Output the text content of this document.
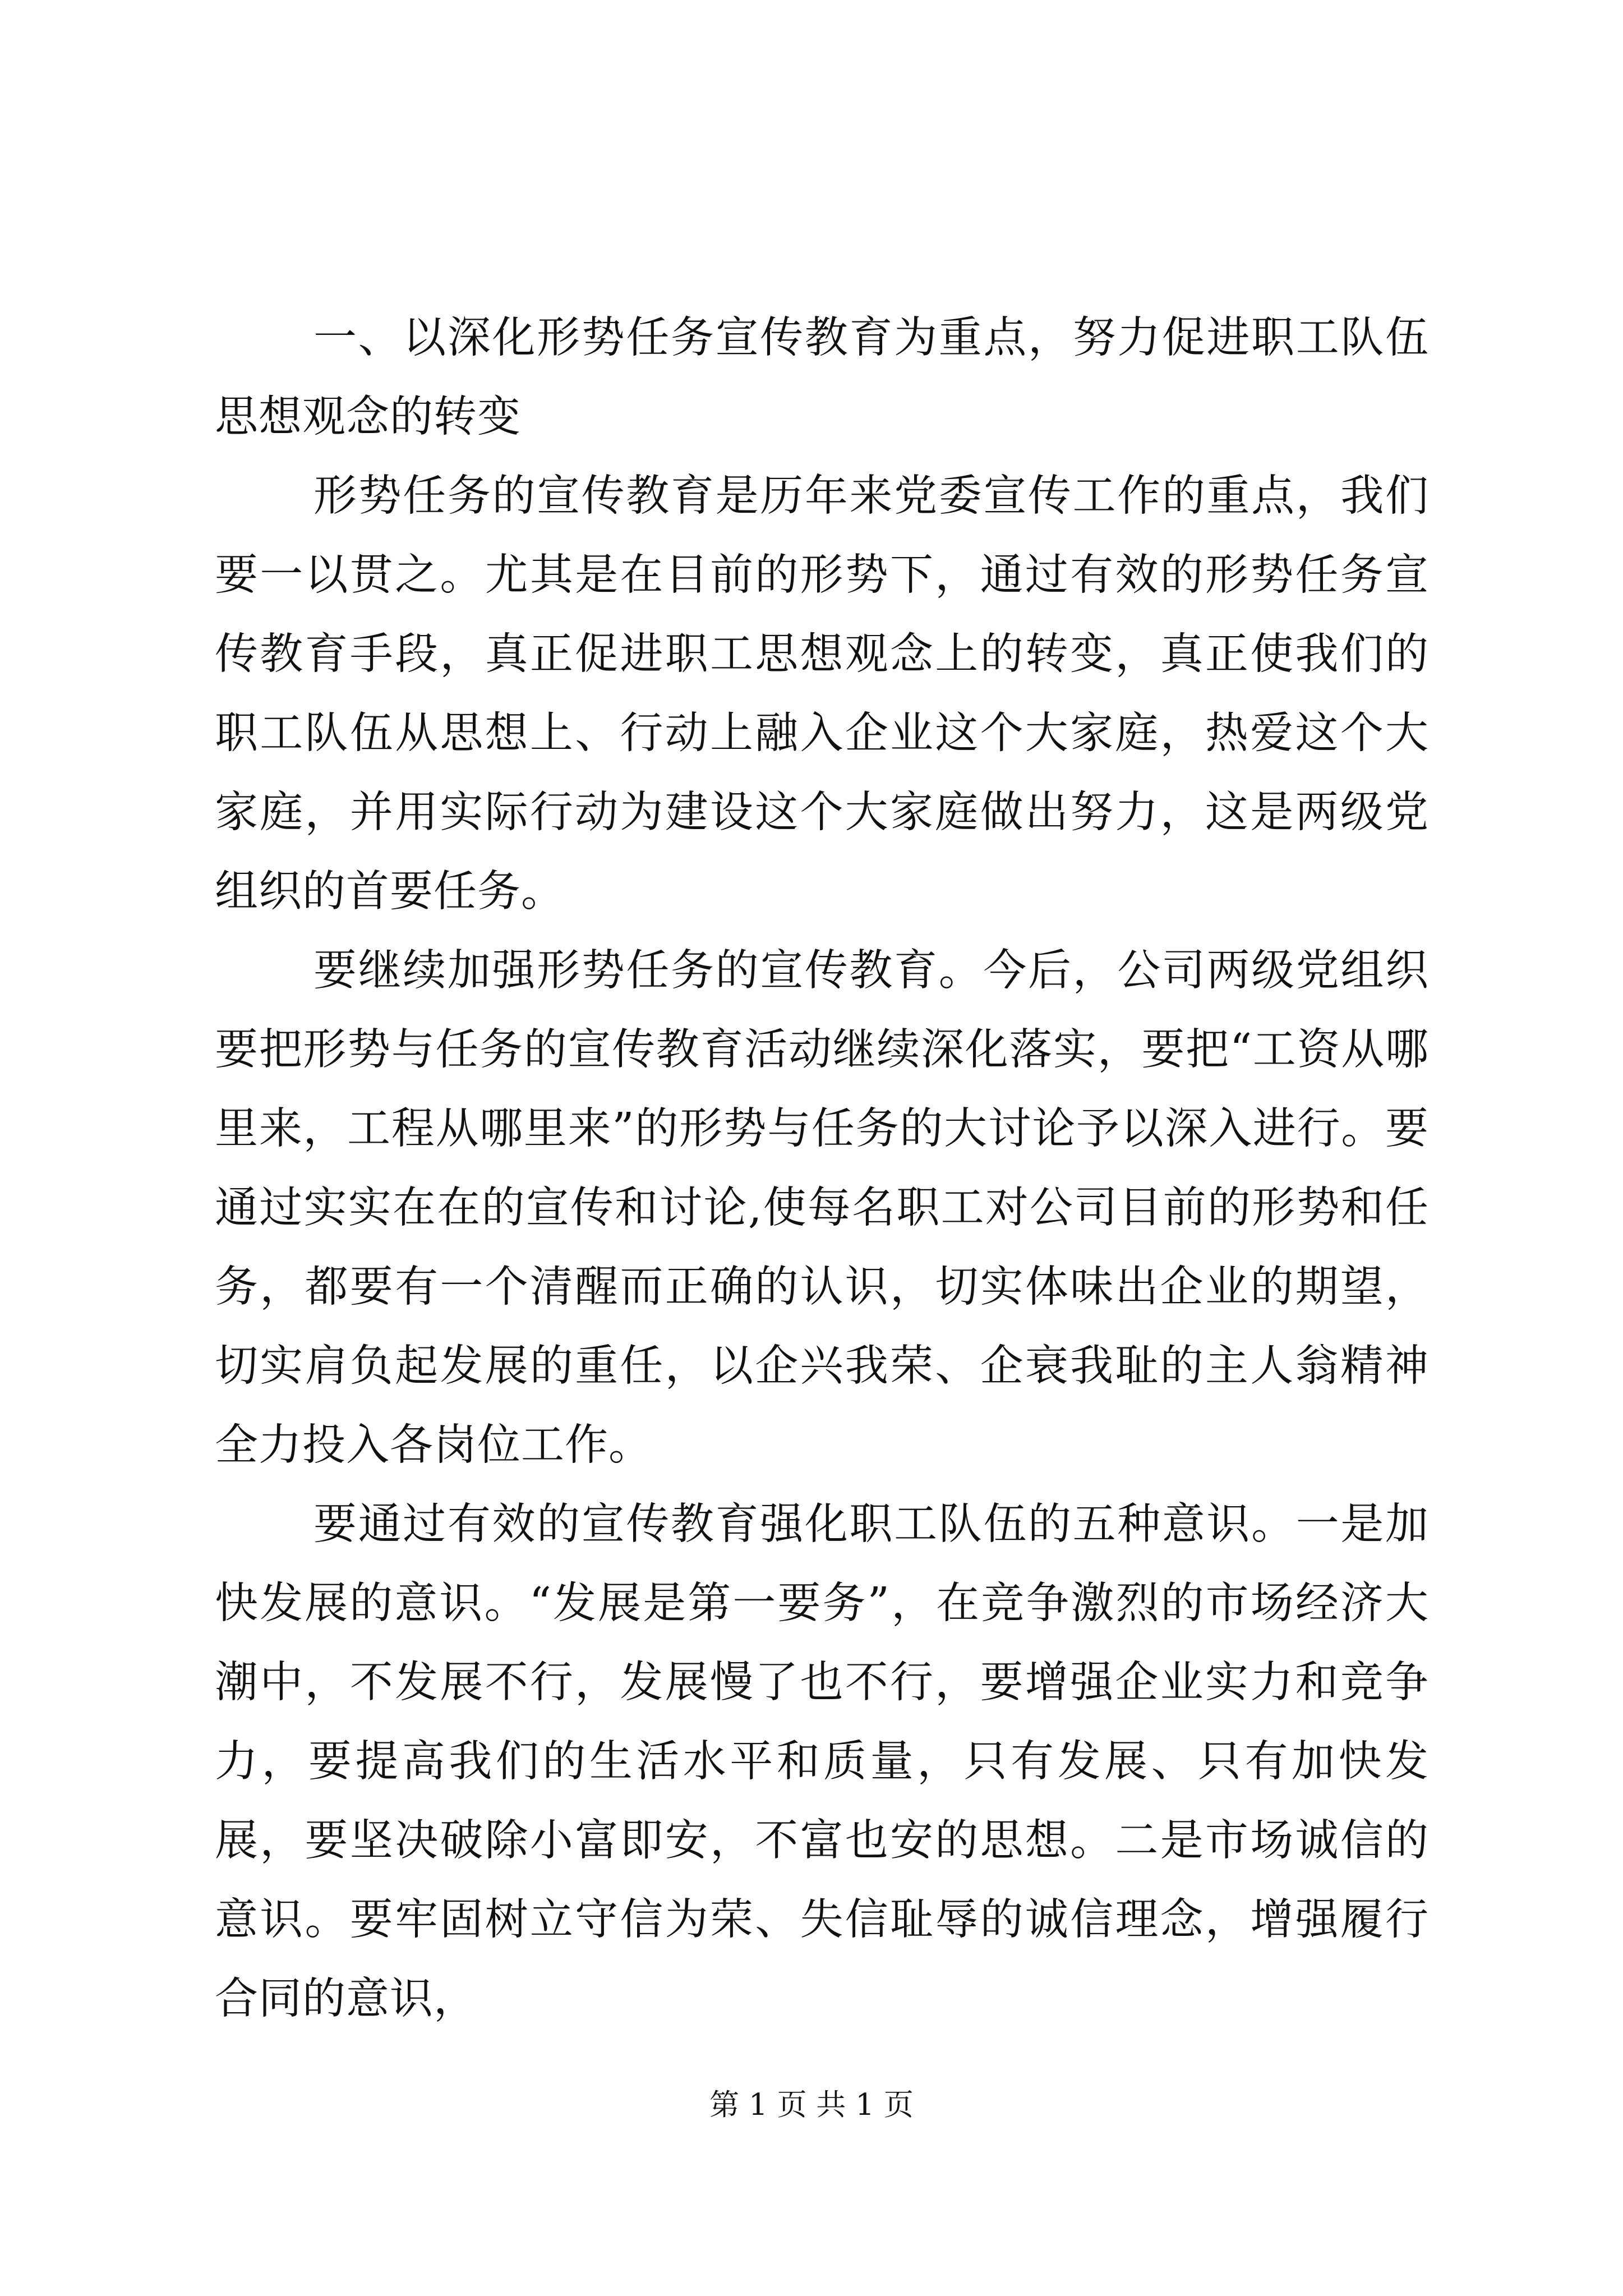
一、以深化形势任务宣传教育为重点，努力促进职工队伍思想观念的转变

形势任务的宣传教育是历年来党委宣传工作的重点，我们要一以贯之。尤其是在目前的形势下，通过有效的形势任务宣传教育手段，真正促进职工思想观念上的转变，真正使我们的职工队伍从思想上、行动上融入企业这个大家庭，热爱这个大家庭，并用实际行动为建设这个大家庭做出努力，这是两级党组织的首要任务。

要继续加强形势任务的宣传教育。今后，公司两级党组织要把形势与任务的宣传教育活动继续深化落实，要把“工资从哪里来，工程从哪里来”的形势与任务的大讨论予以深入进行。要通过实实在在的宣传和讨论,使每名职工对公司目前的形势和任务，都要有一个清醒而正确的认识，切实体味出企业的期望，切实肩负起发展的重任，以企兴我荣、企衰我耻的主人翁精神全力投入各岗位工作。

要通过有效的宣传教育强化职工队伍的五种意识。一是加快发展的意识。“发展是第一要务”，在竞争激烈的市场经济大潮中，不发展不行，发展慢了也不行，要增强企业实力和竞争力，要提高我们的生活水平和质量，只有发展、只有加快发展，要坚决破除小富即安，不富也安的思想。二是市场诚信的意识。要牢固树立守信为荣、失信耻辱的诚信理念，增强履行合同的意识，

第 1 页 共 1 页
